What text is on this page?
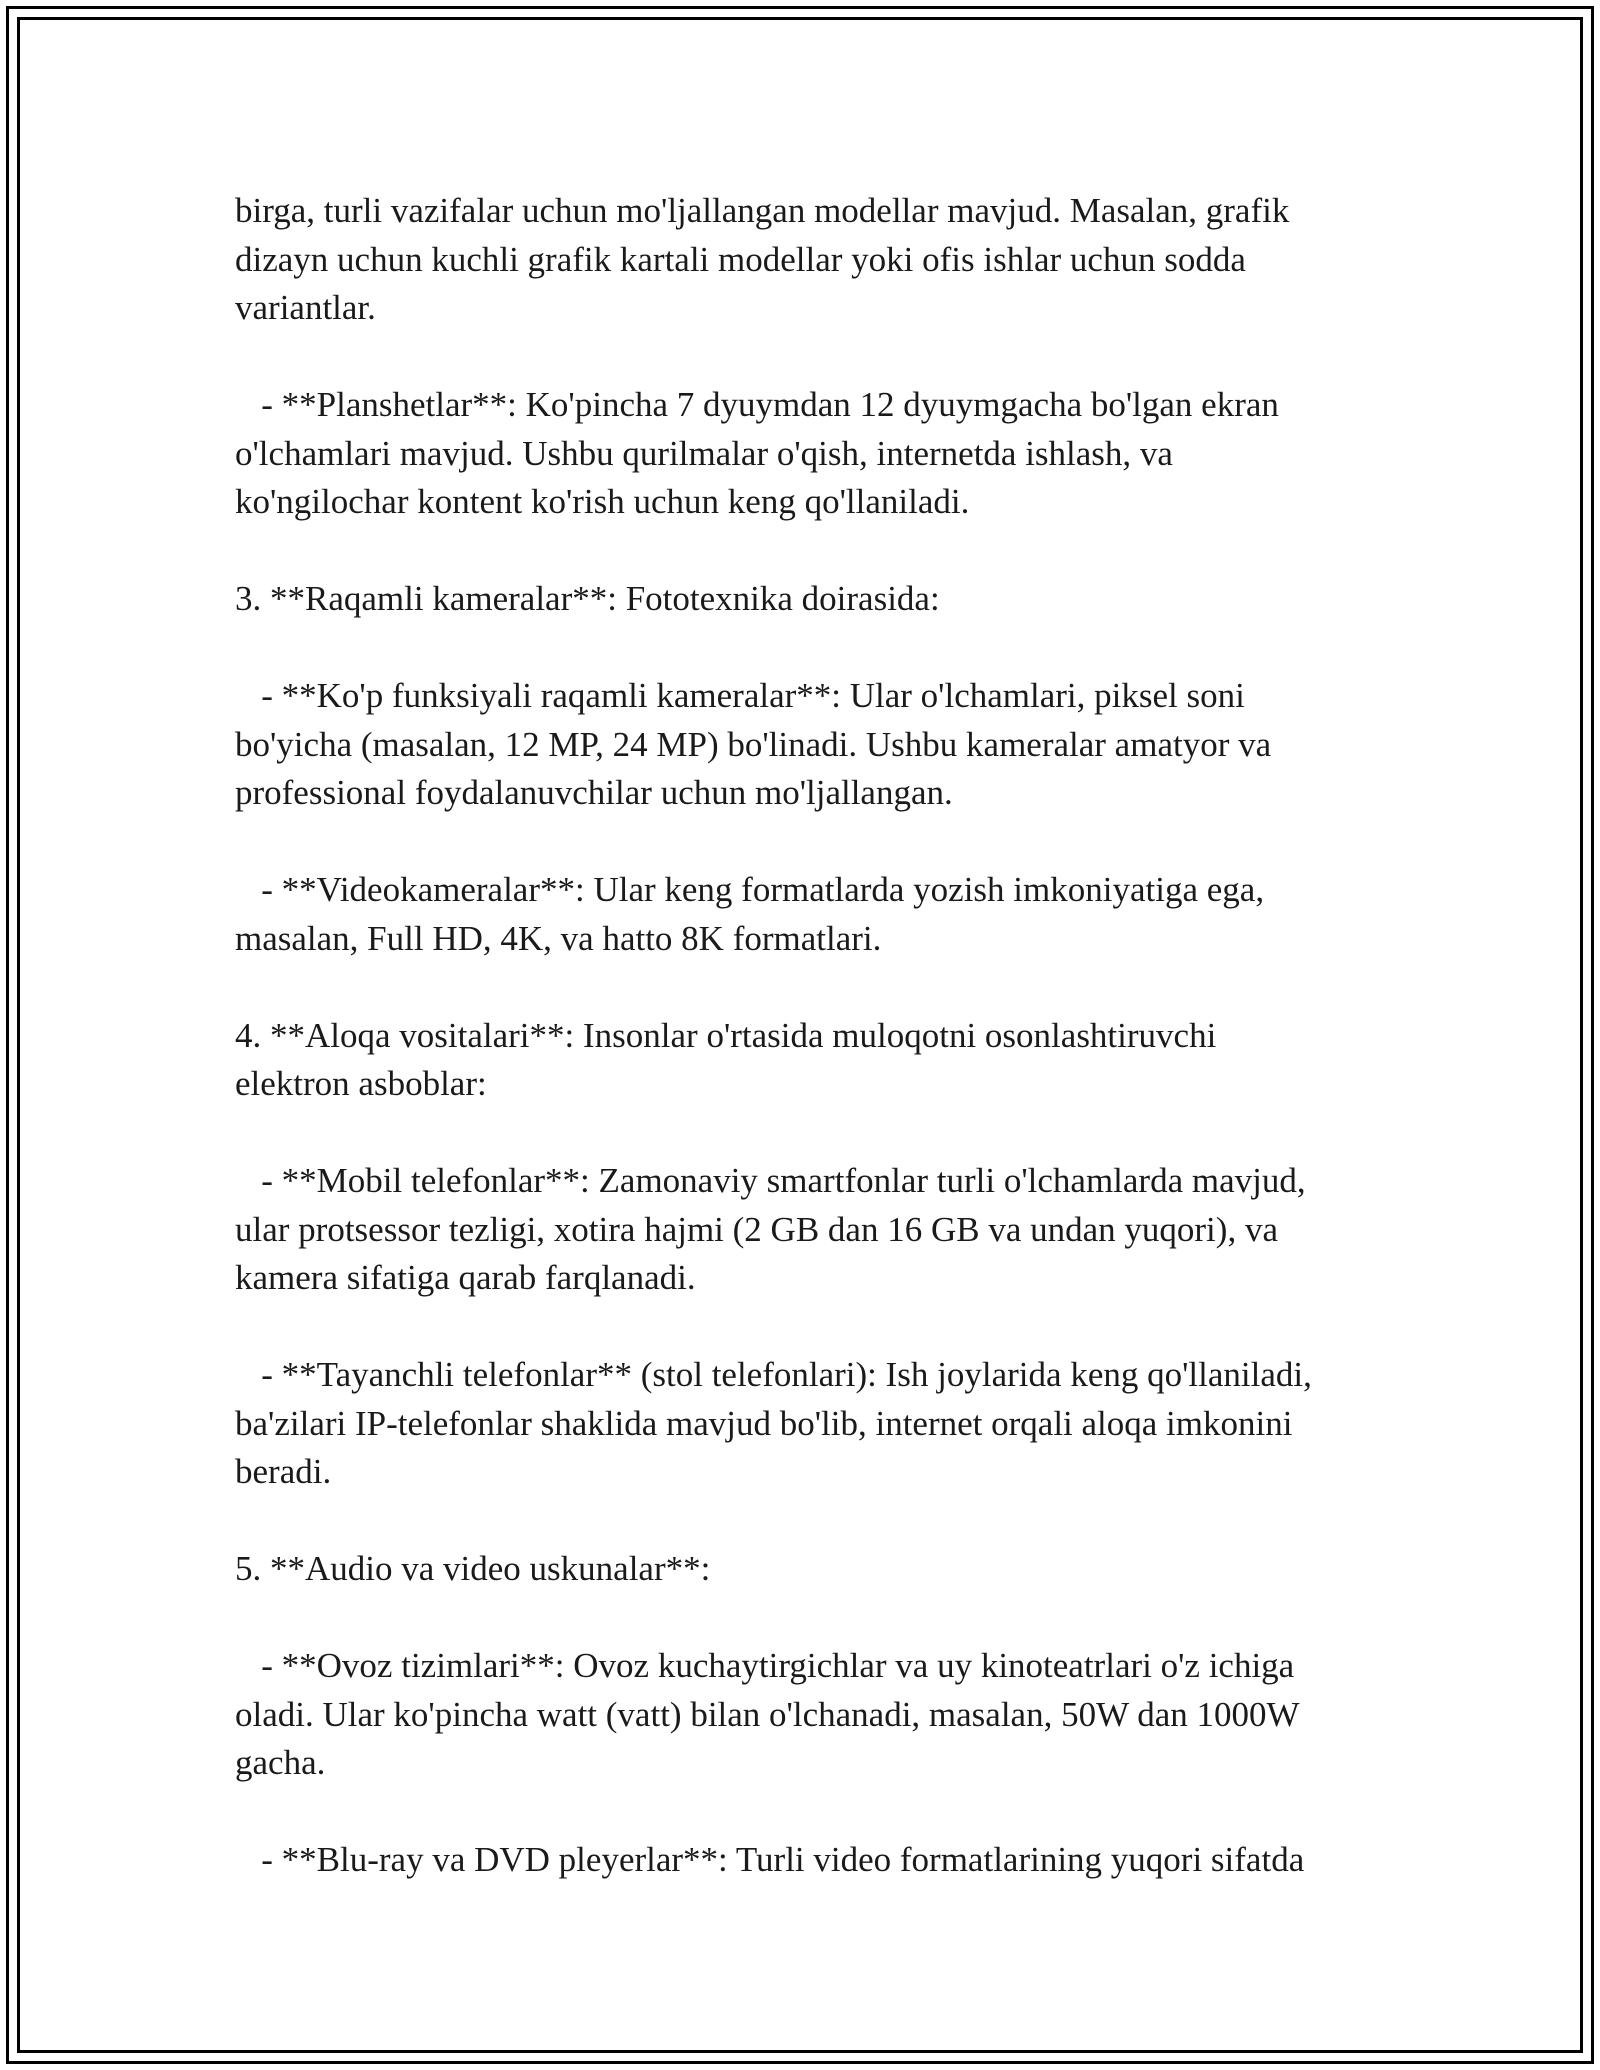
birga, turli vazifalar uchun mo'ljallangan modellar mavjud. Masalan, grafik
dizayn uchun kuchli grafik kartali modellar yoki ofis ishlar uchun sodda
variantlar.

- **Planshetlar**: Ko'pincha 7 dyuymdan 12 dyuymgacha bo'lgan ekran
o'lchamlari mavjud. Ushbu qurilmalar o'qish, internetda ishlash, va
ko'ngilochar kontent ko'rish uchun keng qo'llaniladi.

3. **Raqamli kameralar**: Fototexnika doirasida:

- **Ko'p funksiyali raqamli kameralar**: Ular o'lchamlari, piksel soni
bo'yicha (masalan, 12 MP, 24 MP) bo'linadi. Ushbu kameralar amatyor va
professional foydalanuvchilar uchun mo'ljallangan.

- **Videokameralar**: Ular keng formatlarda yozish imkoniyatiga ega,
masalan, Full HD, 4K, va hatto 8K formatlari.

4. **Aloqa vositalari**: Insonlar o'rtasida muloqotni osonlashtiruvchi
elektron asboblar:

- **Mobil telefonlar**: Zamonaviy smartfonlar turli o'lchamlarda mavjud,
ular protsessor tezligi, xotira hajmi (2 GB dan 16 GB va undan yuqori), va
kamera sifatiga qarab farqlanadi.

- **Tayanchli telefonlar** (stol telefonlari): Ish joylarida keng qo'llaniladi,
ba'zilari IP-telefonlar shaklida mavjud bo'lib, internet orqali aloqa imkonini
beradi.

5. **Audio va video uskunalar**:

- **Ovoz tizimlari**: Ovoz kuchaytirgichlar va uy kinoteatrlari o'z ichiga
oladi. Ular ko'pincha watt (vatt) bilan o'lchanadi, masalan, 50W dan 1000W
gacha.

- **Blu-ray va DVD pleyerlar**: Turli video formatlarining yuqori sifatda
